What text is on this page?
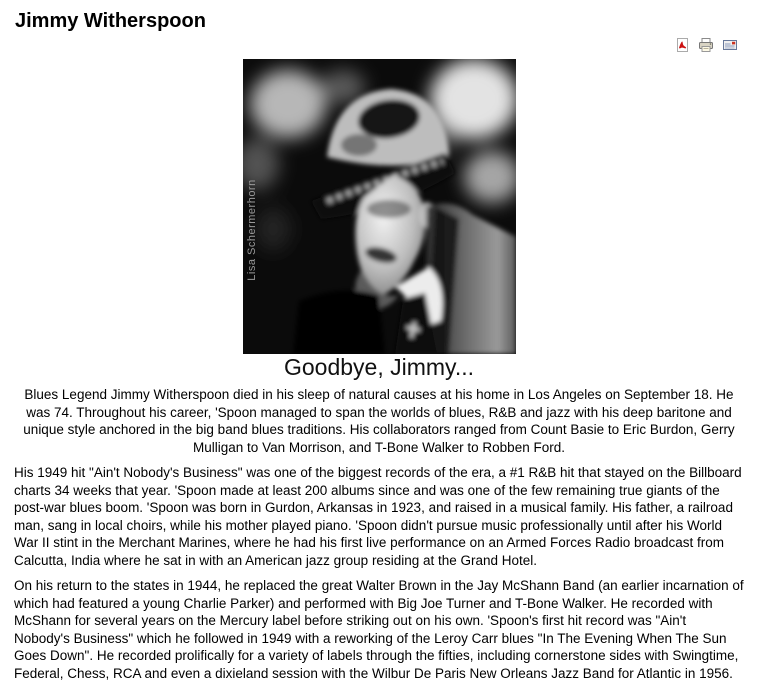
Jimmy Witherspoon
Lisa Schermerhorn
Goodbye, Jimmy...

Blues Legend Jimmy Witherspoon died in his sleep of natural causes at his home in Los Angeles on September 18. He was 74. Throughout his career, 'Spoon managed to span the worlds of blues, R&B and jazz with his deep baritone and unique style anchored in the big band blues traditions. His collaborators ranged from Count Basie to Eric Burdon, Gerry Mulligan to Van Morrison, and T-Bone Walker to Robben Ford.

His 1949 hit "Ain't Nobody's Business" was one of the biggest records of the era, a #1 R&B hit that stayed on the Billboard charts 34 weeks that year. 'Spoon made at least 200 albums since and was one of the few remaining true giants of the post-war blues boom. 'Spoon was born in Gurdon, Arkansas in 1923, and raised in a musical family. His father, a railroad man, sang in local choirs, while his mother played piano. 'Spoon didn't pursue music professionally until after his World War II stint in the Merchant Marines, where he had his first live performance on an Armed Forces Radio broadcast from Calcutta, India where he sat in with an American jazz group residing at the Grand Hotel.

On his return to the states in 1944, he replaced the great Walter Brown in the Jay McShann Band (an earlier incarnation of which had featured a young Charlie Parker) and performed with Big Joe Turner and T-Bone Walker. He recorded with McShann for several years on the Mercury label before striking out on his own. 'Spoon's first hit record was "Ain't Nobody's Business" which he followed in 1949 with a reworking of the Leroy Carr blues "In The Evening When The Sun Goes Down". He recorded prolifically for a variety of labels through the fifties, including cornerstone sides with Swingtime, Federal, Chess, RCA and even a dixieland session with the Wilbur De Paris New Orleans Jazz Band for Atlantic in 1956.
